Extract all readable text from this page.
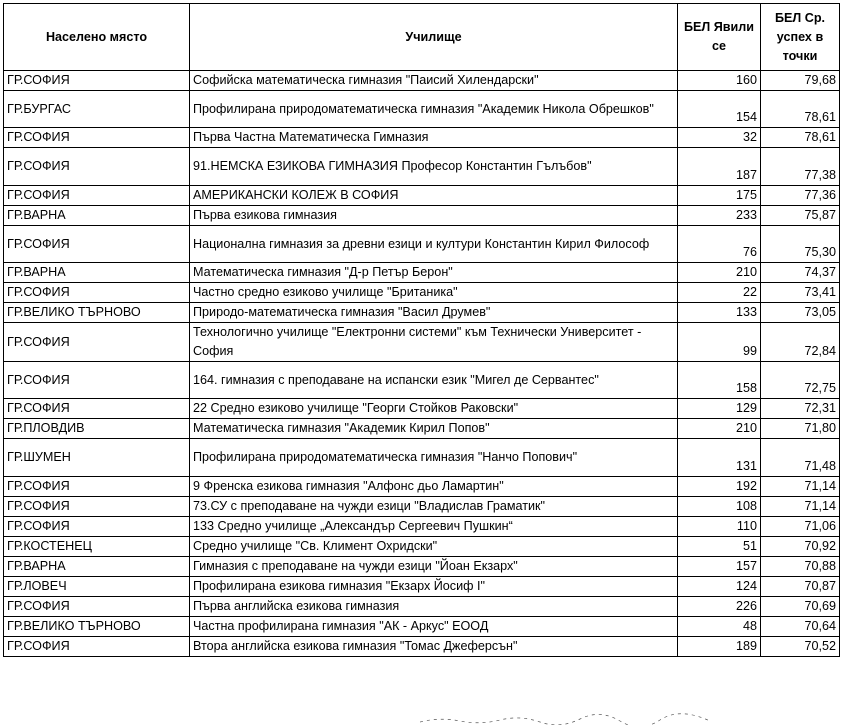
Населено място	Училище	БЕЛ Явили се	БЕЛ Ср. успех в точки
ГР.СОФИЯ	Софийска математическа гимназия "Паисий Хилендарски"	160	79,68
ГР.БУРГАС	Профилирана природоматематическа гимназия "Академик Никола Обрешков"	154	78,61
ГР.СОФИЯ	Първа Частна Математическа Гимназия	32	78,61
ГР.СОФИЯ	91.НЕМСКА ЕЗИКОВА ГИМНАЗИЯ Професор Константин Гълъбов"	187	77,38
ГР.СОФИЯ	АМЕРИКАНСКИ КОЛЕЖ В СОФИЯ	175	77,36
ГР.ВАРНА	Първа езикова гимназия	233	75,87
ГР.СОФИЯ	Национална гимназия за древни езици и култури Константин Кирил Философ	76	75,30
ГР.ВАРНА	Математическа гимназия "Д-р Петър Берон"	210	74,37
ГР.СОФИЯ	Частно средно езиково училище "Британика"	22	73,41
ГР.ВЕЛИКО ТЪРНОВО	Природо-математическа гимназия "Васил Друмев"	133	73,05
ГР.СОФИЯ	Технологично училище "Електронни системи" към Технически Университет - София	99	72,84
ГР.СОФИЯ	164. гимназия с преподаване на испански език "Мигел де Сервантес"	158	72,75
ГР.СОФИЯ	22 Средно езиково училище "Георги Стойков Раковски"	129	72,31
ГР.ПЛОВДИВ	Математическа гимназия "Академик Кирил Попов"	210	71,80
ГР.ШУМЕН	Профилирана природоматематическа гимназия "Нанчо Попович"	131	71,48
ГР.СОФИЯ	9 Френска езикова гимназия "Алфонс дьо Ламартин"	192	71,14
ГР.СОФИЯ	73.СУ с преподаване на чужди езици "Владислав Граматик"	108	71,14
ГР.СОФИЯ	133 Средно училище „Александър Сергеевич Пушкин“	110	71,06
ГР.КОСТЕНЕЦ	Средно училище "Св. Климент Охридски"	51	70,92
ГР.ВАРНА	Гимназия с преподаване на чужди езици "Йоан Екзарх"	157	70,88
ГР.ЛОВЕЧ	Профилирана езикова гимназия "Екзарх Йосиф I"	124	70,87
ГР.СОФИЯ	Първа английска езикова гимназия	226	70,69
ГР.ВЕЛИКО ТЪРНОВО	Частна профилирана гимназия "АК - Аркус" ЕООД	48	70,64
ГР.СОФИЯ	Втора английска езикова гимназия "Томас Джеферсън"	189	70,52
